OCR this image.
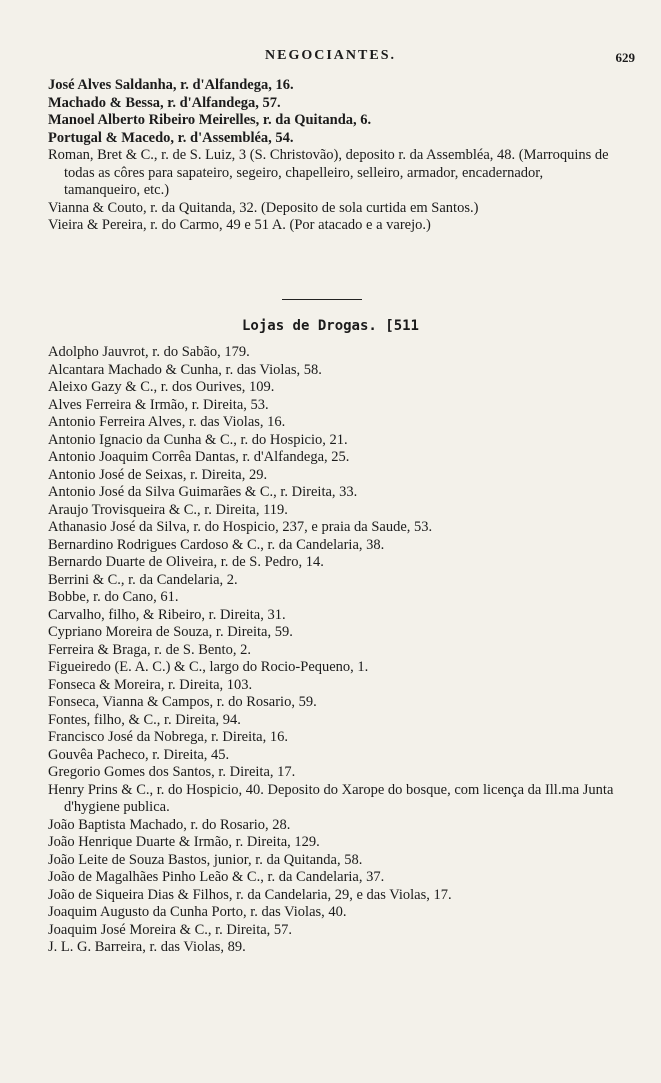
NEGOCIANTES.	629

José Alves Saldanha, r. d'Alfandega, 16.

Machado & Bessa, r. d'Alfandega, 57.

Manoel Alberto Ribeiro Meirelles, r. da Quitanda, 6.

Portugal & Macedo, r. d'Assembléa, 54.

Roman, Bret & C., r. de S. Luiz, 3 (S. Christovão), deposito r. da Assembléa, 48. (Marroquins de todas as côres para sapateiro, segeiro, chapelleiro, selleiro, armador, encadernador, tamanqueiro, etc.)

Vianna & Couto, r. da Quitanda, 32. (Deposito de sola curtida em Santos.)

Vieira & Pereira, r. do Carmo, 49 e 51 A. (Por atacado e a varejo.)

Lojas de Drogas. [511

Adolpho Jauvrot, r. do Sabão, 179.

Alcantara Machado & Cunha, r. das Violas, 58.

Aleixo Gazy & C., r. dos Ourives, 109.

Alves Ferreira & Irmão, r. Direita, 53.

Antonio Ferreira Alves, r. das Violas, 16.

Antonio Ignacio da Cunha & C., r. do Hospicio, 21.

Antonio Joaquim Corrêa Dantas, r. d'Alfandega, 25.

Antonio José de Seixas, r. Direita, 29.

Antonio José da Silva Guimarães & C., r. Direita, 33.

Araujo Trovisqueira & C., r. Direita, 119.

Athanasio José da Silva, r. do Hospicio, 237, e praia da Saude, 53.

Bernardino Rodrigues Cardoso & C., r. da Candelaria, 38.

Bernardo Duarte de Oliveira, r. de S. Pedro, 14.

Berrini & C., r. da Candelaria, 2.

Bobbe, r. do Cano, 61.

Carvalho, filho, & Ribeiro, r. Direita, 31.

Cypriano Moreira de Souza, r. Direita, 59.

Ferreira & Braga, r. de S. Bento, 2.

Figueiredo (E. A. C.) & C., largo do Rocio-Pequeno, 1.

Fonseca & Moreira, r. Direita, 103.

Fonseca, Vianna & Campos, r. do Rosario, 59.

Fontes, filho, & C., r. Direita, 94.

Francisco José da Nobrega, r. Direita, 16.

Gouvêa Pacheco, r. Direita, 45.

Gregorio Gomes dos Santos, r. Direita, 17.

Henry Prins & C., r. do Hospicio, 40. Deposito do Xarope do bosque, com licença da Ill.ma Junta d'hygiene publica.

João Baptista Machado, r. do Rosario, 28.

João Henrique Duarte & Irmão, r. Direita, 129.

João Leite de Souza Bastos, junior, r. da Quitanda, 58.

João de Magalhães Pinho Leão & C., r. da Candelaria, 37.

João de Siqueira Dias & Filhos, r. da Candelaria, 29, e das Violas, 17.

Joaquim Augusto da Cunha Porto, r. das Violas, 40.

Joaquim José Moreira & C., r. Direita, 57.

J. L. G. Barreira, r. das Violas, 89.
